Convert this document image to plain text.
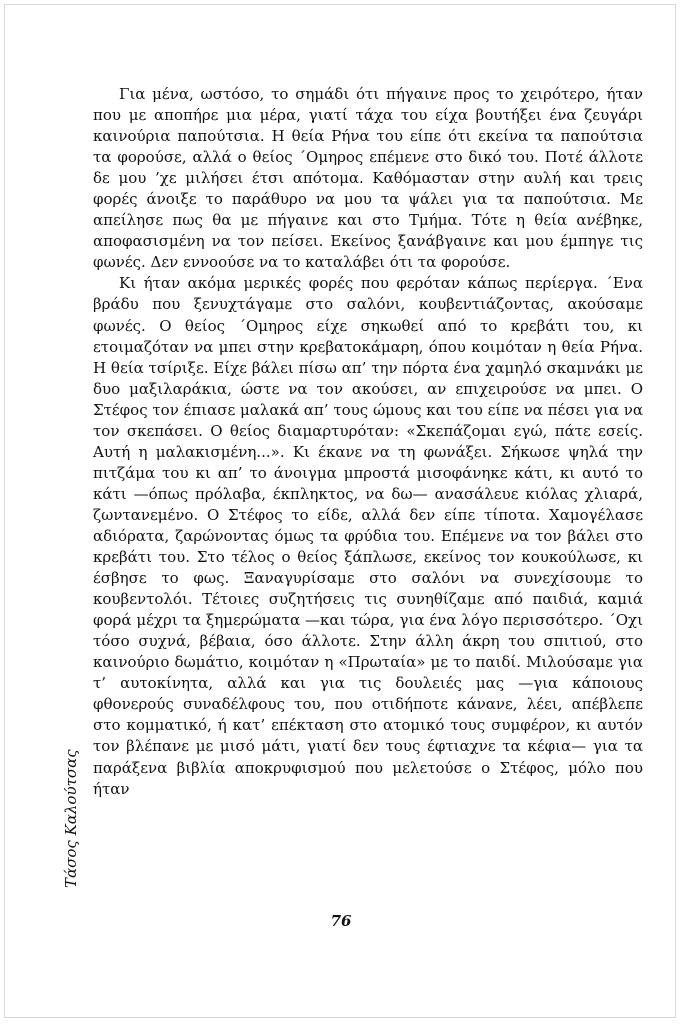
Για μένα, ωστόσο, το σημάδι ότι πήγαινε προς το χειρότερο, ήταν που με αποπήρε μια μέρα, γιατί τάχα του είχα βουτήξει ένα ζευγάρι καινούρια παπούτσια. Η θεία Ρήνα του είπε ότι εκείνα τα παπούτσια τα φορούσε, αλλά ο θείος ΄Ομηρος επέμενε στο δικό του. Ποτέ άλλοτε δε μου ’χε μιλήσει έτσι απότομα. Καθόμασταν στην αυλή και τρεις φορές άνοιξε το παράθυρο να μου τα ψάλει για τα παπούτσια. Με απείλησε πως θα με πήγαινε και στο Τμήμα. Τότε η θεία ανέβηκε, αποφασισμένη να τον πείσει. Εκείνος ξανάβγαινε και μου έμπηγε τις φωνές. Δεν εννοούσε να το καταλάβει ότι τα φορούσε.

Κι ήταν ακόμα μερικές φορές που φερόταν κάπως περίεργα. ΄Ενα βράδυ που ξενυχτάγαμε στο σαλόνι, κουβεντιάζοντας, ακούσαμε φωνές. Ο θείος ΄Ομηρος είχε σηκωθεί από το κρεβάτι του, κι ετοιμαζόταν να μπει στην κρεβατοκάμαρη, όπου κοιμόταν η θεία Ρήνα. Η θεία τσίριξε. Είχε βάλει πίσω απ’ την πόρτα ένα χαμηλό σκαμνάκι με δυο μαξιλαράκια, ώστε να τον ακούσει, αν επιχειρούσε να μπει. Ο Στέφος τον έπιασε μαλακά απ’ τους ώμους και του είπε να πέσει για να τον σκεπάσει. Ο θείος διαμαρτυρόταν: «Σκεπάζομαι εγώ, πάτε εσείς. Αυτή η μαλακισμένη...». Κι έκανε να τη φωνάξει. Σήκωσε ψηλά την πιτζάμα του κι απ’ το άνοιγμα μπροστά μισοφάνηκε κάτι, κι αυτό το κάτι —όπως πρόλαβα, έκπληκτος, να δω— ανασάλευε κιόλας χλιαρά, ζωντανεμένο. Ο Στέφος το είδε, αλλά δεν είπε τίποτα. Χαμογέλασε αδιόρατα, ζαρώνοντας όμως τα φρύδια του. Επέμενε να τον βάλει στο κρεβάτι του. Στο τέλος ο θείος ξάπλωσε, εκείνος τον κουκούλωσε, κι έσβησε το φως. Ξαναγυρίσαμε στο σαλόνι να συνεχίσουμε το κουβεντολόι. Τέτοιες συζητήσεις τις συνηθίζαμε από παιδιά, καμιά φορά μέχρι τα ξημερώματα —και τώρα, για ένα λόγο περισσότερο. ΄Οχι τόσο συχνά, βέβαια, όσο άλλοτε. Στην άλλη άκρη του σπιτιού, στο καινούριο δωμάτιο, κοιμόταν η «Πρωταία» με το παιδί. Μιλούσαμε για τ’ αυτοκίνητα, αλλά και για τις δουλειές μας —για κάποιους φθονερούς συναδέλφους του, που οτιδήποτε κάνανε, λέει, απέβλεπε στο κομματικό, ή κατ’ επέκταση στο ατομικό τους συμφέρον, κι αυτόν τον βλέπανε με μισό μάτι, γιατί δεν τους έφτιαχνε τα κέφια— για τα παράξενα βιβλία αποκρυφισμού που μελετούσε ο Στέφος, μόλο που ήταν

Τάσος Καλούτσας
76
